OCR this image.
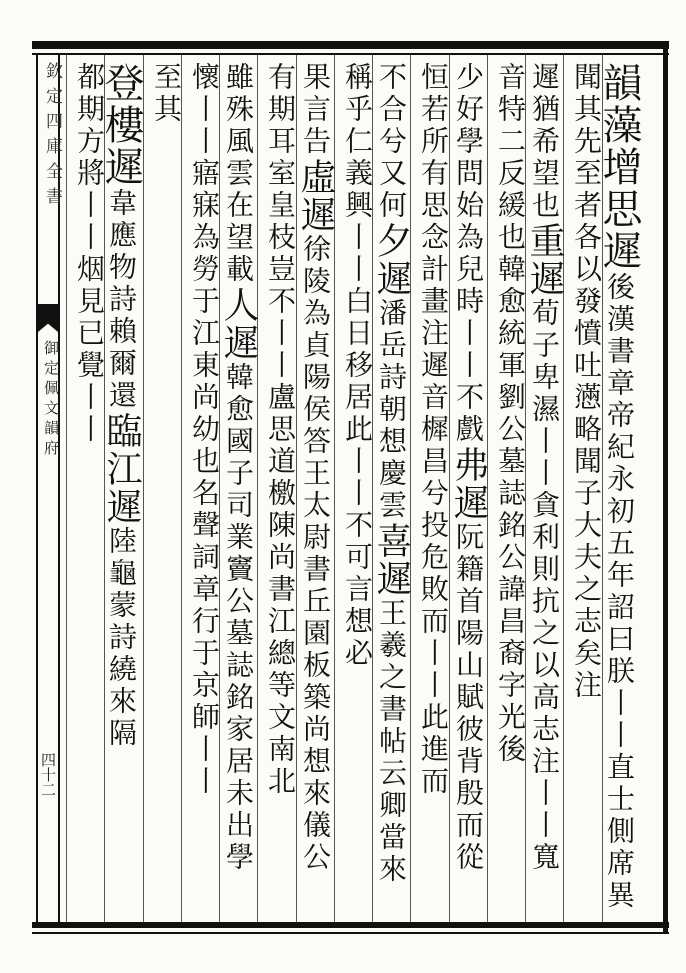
欽定四庫全書
御定佩文韻府
四十二
韻藻增思遲後漢書章帝紀永初五年詔曰朕丨丨直士側席異
聞其先至者各以發憤吐懣略聞子大夫之志矣注
遲猶希望也重遲荀子卑濕丨丨貪利則抗之以高志注丨丨寬
音特二反緩也韓愈統軍劉公墓誌銘公諱昌裔字光後
少好學問始為兒時丨丨不戲弗遲阮籍首陽山賦彼背殷而從
恒若所有思念計畫注遲音樨昌兮投危敗而丨丨此進而
不合兮又何夕遲潘岳詩朝想慶雲喜遲王羲之書帖云卿當來
稱乎仁義興丨丨白日移居此丨丨不可言想必
果言告虛遲徐陵為貞陽侯答王太尉書丘園板築尚想來儀公
有期耳室皇枝豈不丨丨盧思道檄陳尚書江總等文南北
雖殊風雲在望載人遲韓愈國子司業竇公墓誌銘家居未出學
懷丨丨寤寐為勞于江東尚幼也名聲詞章行于京師丨丨
至其
登樓遲韋應物詩賴爾還臨江遲陸龜蒙詩繞來隔
都期方將丨丨烟見已覺丨丨
